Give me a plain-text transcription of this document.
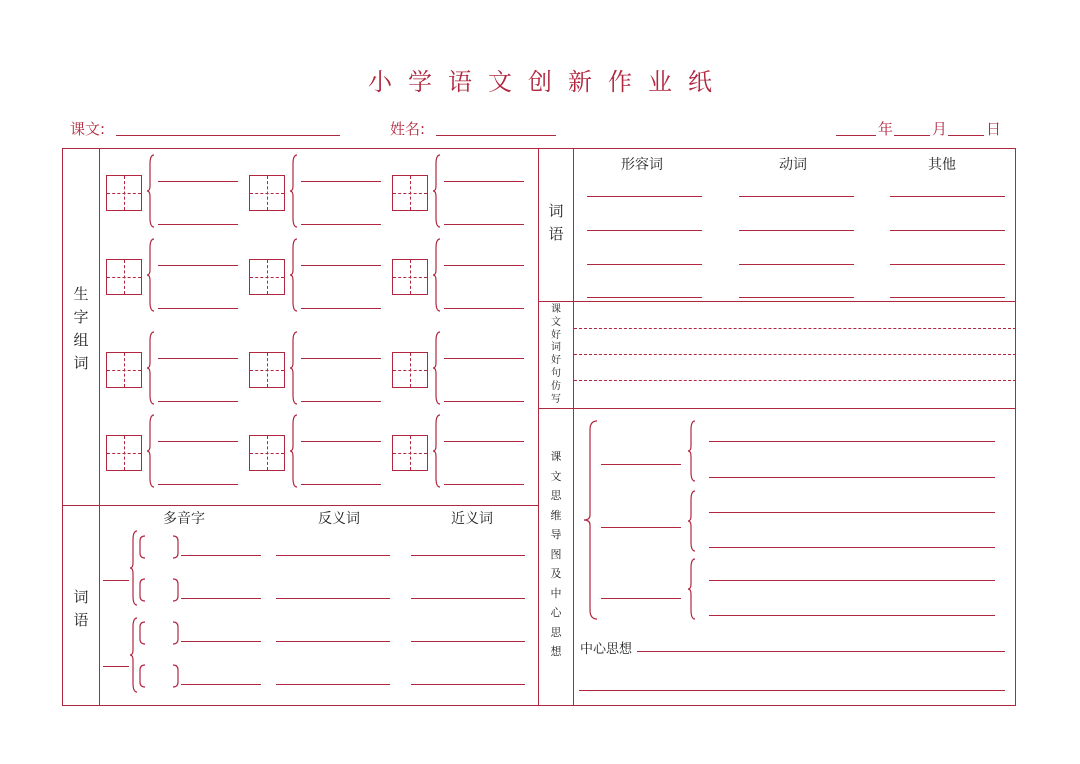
小 学 语 文 创 新 作 业 纸
课文:	姓名:	年	月	日
生
字
组
词
词
语
多音字	反义词	近义词
词
语
形容词	动词	其他
课
文
好
词
好
句
仿
写
课
文
思
维
导
图
及
中
心
思
想	中心思想
